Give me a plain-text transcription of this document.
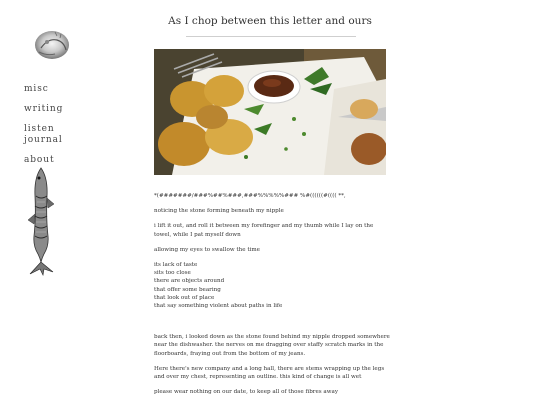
misc
writing
listen journal
about
As I chop between this letter and ours

*(#######/###%##%###,###%%%%%### %#((((((#(((( **,

noticing the stone forming beneath my nipple

i lift it out, and roll it between my forefinger and my thumb while I lay on the towel, while I pat myself down

allowing my eyes to swallow the time

its lack of taste
sits too close
there are objects around
that offer some bearing
that look out of place
that say something violent about paths in life

back then, i looked down as the stone found behind my nipple dropped somewhere near the dishwasher. the nerves on me dragging over staffy scratch marks in the floorboards, fraying out from the bottom of my jeans.

Here there's new company and a long hall, there are stems wrapping up the legs and over my chest, representing an outline. this kind of change is all wet

please wear nothing on our date, to keep all of those fibres away
